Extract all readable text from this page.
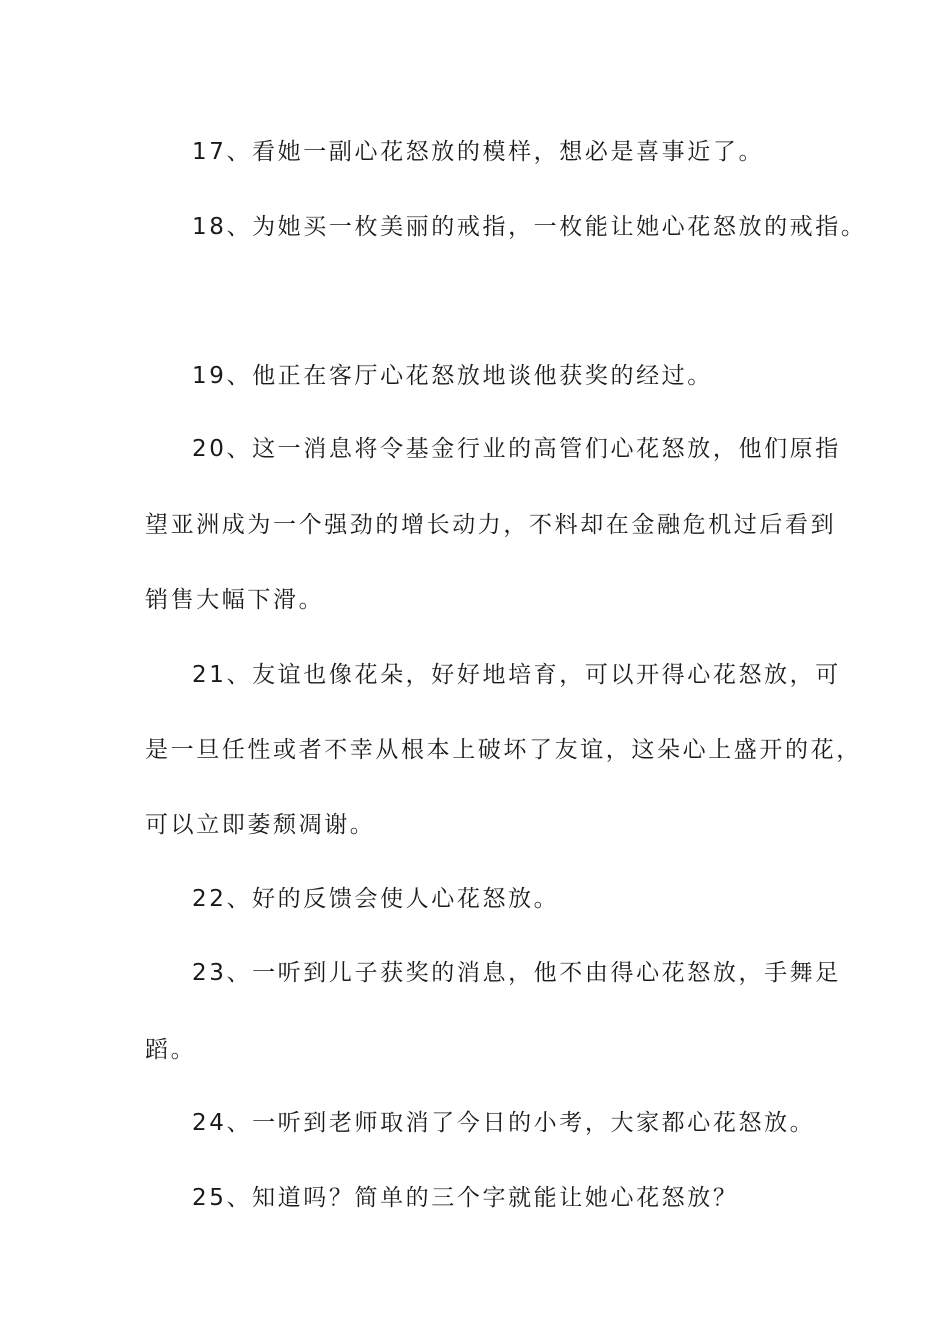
17、看她一副心花怒放的模样，想必是喜事近了。
18、为她买一枚美丽的戒指，一枚能让她心花怒放的戒指。
19、他正在客厅心花怒放地谈他获奖的经过。
20、这一消息将令基金行业的高管们心花怒放，他们原指
望亚洲成为一个强劲的增长动力，不料却在金融危机过后看到
销售大幅下滑。
21、友谊也像花朵，好好地培育，可以开得心花怒放，可
是一旦任性或者不幸从根本上破坏了友谊，这朵心上盛开的花，
可以立即萎颓凋谢。
22、好的反馈会使人心花怒放。
23、一听到儿子获奖的消息，他不由得心花怒放，手舞足
蹈。
24、一听到老师取消了今日的小考，大家都心花怒放。
25、知道吗？简单的三个字就能让她心花怒放？
